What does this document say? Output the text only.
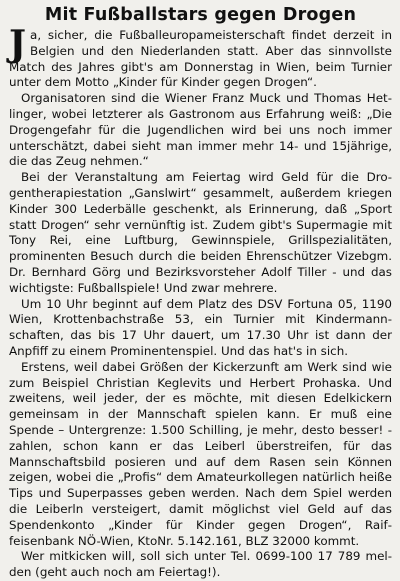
Mit Fußballstars gegen Drogen

Ja, sicher, die Fußballeuropameisterschaft findet derzeit in Belgien und den Niederlanden statt. Aber das sinnvollste Match des Jahres gibt's am Donnerstag in Wien, beim Turnier unter dem Motto „Kinder für Kinder gegen Drogen“.

Organisatoren sind die Wiener Franz Muck und Thomas Hetlinger, wobei letzterer als Gastronom aus Erfahrung weiß: „Die Drogengefahr für die Jugendlichen wird bei uns noch immer unterschätzt, dabei sieht man immer mehr 14- und 15jährige, die das Zeug nehmen.“

Bei der Veranstaltung am Feiertag wird Geld für die Drogentherapiestation „Ganslwirt“ gesammelt, außerdem kriegen Kinder 300 Lederbälle geschenkt, als Erinnerung, daß „Sport statt Drogen“ sehr vernünftig ist. Zudem gibt's Supermagie mit Tony Rei, eine Luftburg, Gewinnspiele, Grillspezialitäten, prominenten Besuch durch die beiden Ehrenschützer Vizebgm. Dr. Bernhard Görg und Bezirksvorsteher Adolf Tiller - und das wichtigste: Fußballspiele! Und zwar mehrere.

Um 10 Uhr beginnt auf dem Platz des DSV Fortuna 05, 1190 Wien, Krottenbachstraße 53, ein Turnier mit Kindermannschaften, das bis 17 Uhr dauert, um 17.30 Uhr ist dann der Anpfiff zu einem Prominentenspiel. Und das hat's in sich.

Erstens, weil dabei Größen der Kickerzunft am Werk sind wie zum Beispiel Christian Keglevits und Herbert Prohaska. Und zweitens, weil jeder, der es möchte, mit diesen Edelkickern gemeinsam in der Mannschaft spielen kann. Er muß eine Spende – Untergrenze: 1.500 Schilling, je mehr, desto besser! - zahlen, schon kann er das Leiberl überstreifen, für das Mannschaftsbild posieren und auf dem Rasen sein Können zeigen, wobei die „Profis“ dem Amateurkollegen natürlich heiße Tips und Superpasses geben werden. Nach dem Spiel werden die Leiberln versteigert, damit möglichst viel Geld auf das Spendenkonto „Kinder für Kinder gegen Drogen“, Raiffeisenbank NÖ-Wien, KtoNr. 5.142.161, BLZ 32000 kommt.

Wer mitkicken will, soll sich unter Tel. 0699-100 17 789 melden (geht auch noch am Feiertag!).
